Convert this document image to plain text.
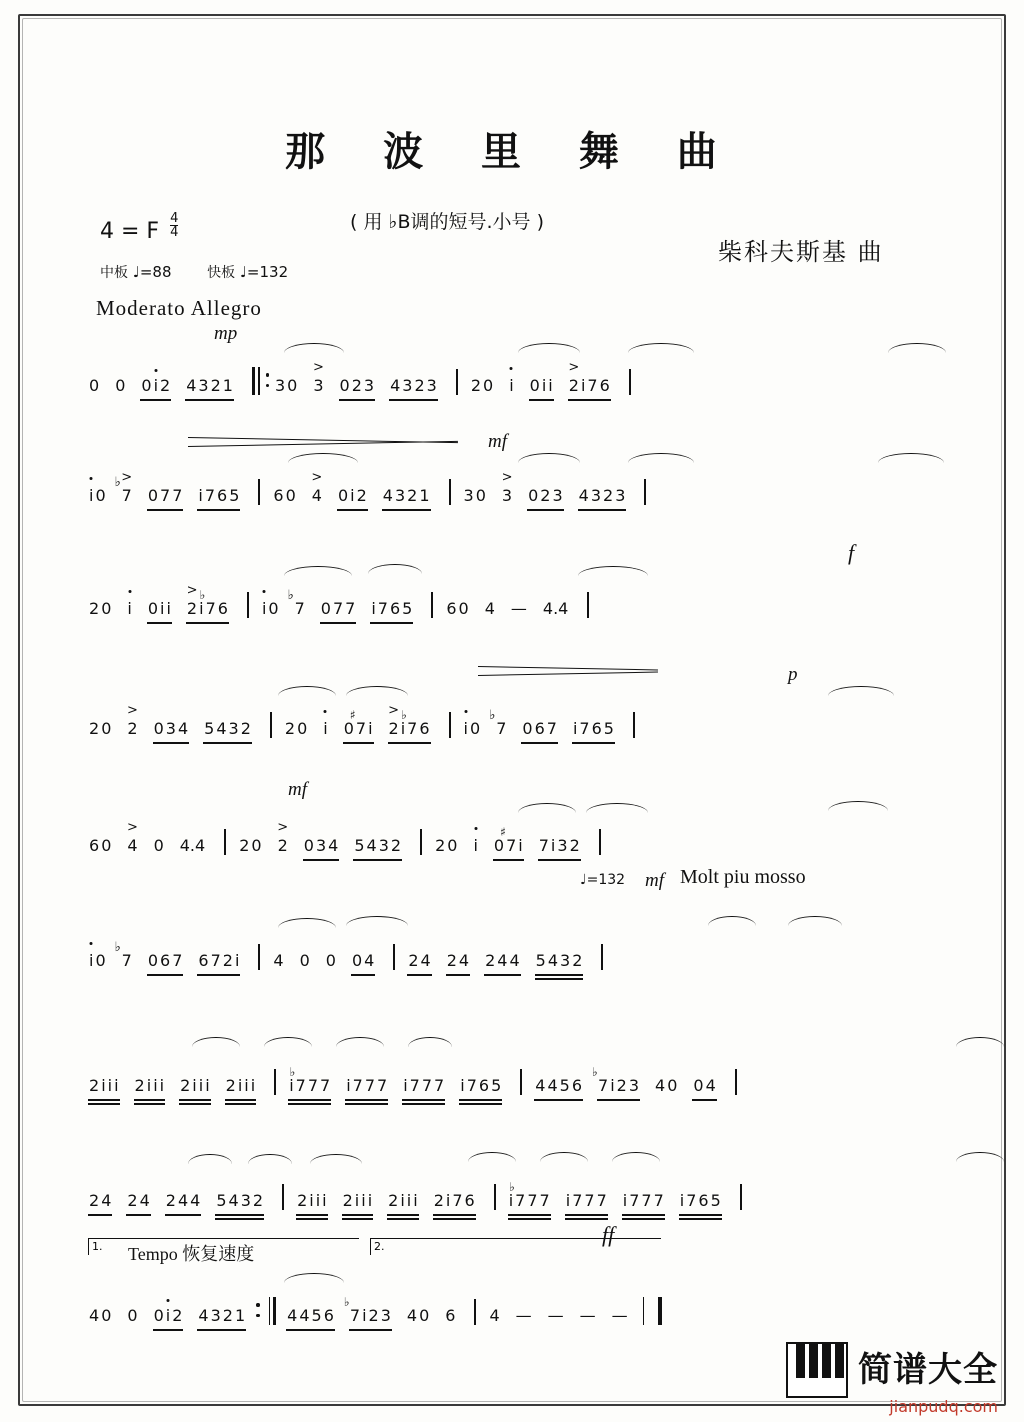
那 波 里 舞 曲
( 用 ♭B调的短号.小号 )
柴科夫斯基 曲
4 = F $\frac{4}{4}$
中板 ♩=88	快板 ♩=132
Moderato Allegro
mp
0 0 0 i 2 4 3 2 1	3 0 3
>
0 2 3 4 3 2 3 2 0 i 0 i i 2
>
i 7 6
mf
i 0
♭
7
>
0 7 7 i 7 6 5 6 0 4
>
0 i 2 4 3 2 1 3 0 3
>
0 2 3 4 3 2 3
f
2 0 i 0 i i 2
>
i
♭
7 6 i 0
♭
7 0 7 7 i 7 6 5 6 0 4 — 4.4
p
2 0 2
>
0 3 4 5 4 3 2 2 0 i 0
♯
7 i 2
>
i
♭
7 6 i 0
♭
7 0 6 7 i 7 6 5
mf
6 0 4
>
0 4.4 2 0 2
>
0 3 4 5 4 3 2 2 0 i 0
♯
7 i 7 i 3 2
♩=132 mf Molt piu mosso
i 0
♭
7 0 6 7 6 7 2 i 4 0 0 0 4 2 4 2 4 2 4 4 5 4 3 2
2 i i i 2 i i i 2 i i i 2 i i i i
♭
7 7 7 i 7 7 7 i 7 7 7 i 7 6 5 4 4 5 6
♭
7 i 2 3 4 0 0 4
2 4 2 4 2 4 4 5 4 3 2 2 i i i 2 i i i 2 i i i 2 i 7 6 i
♭
7 7 7 i 7 7 7 i 7 7 7 i 7 6 5
1.	2.
Tempo 恢复速度
ff
4 0 0 0 i 2 4 3 2 1	4 4 5 6
♭
7 i 2 3 4 0 6 4 — — — —

简谱大全
jianpudq.com
